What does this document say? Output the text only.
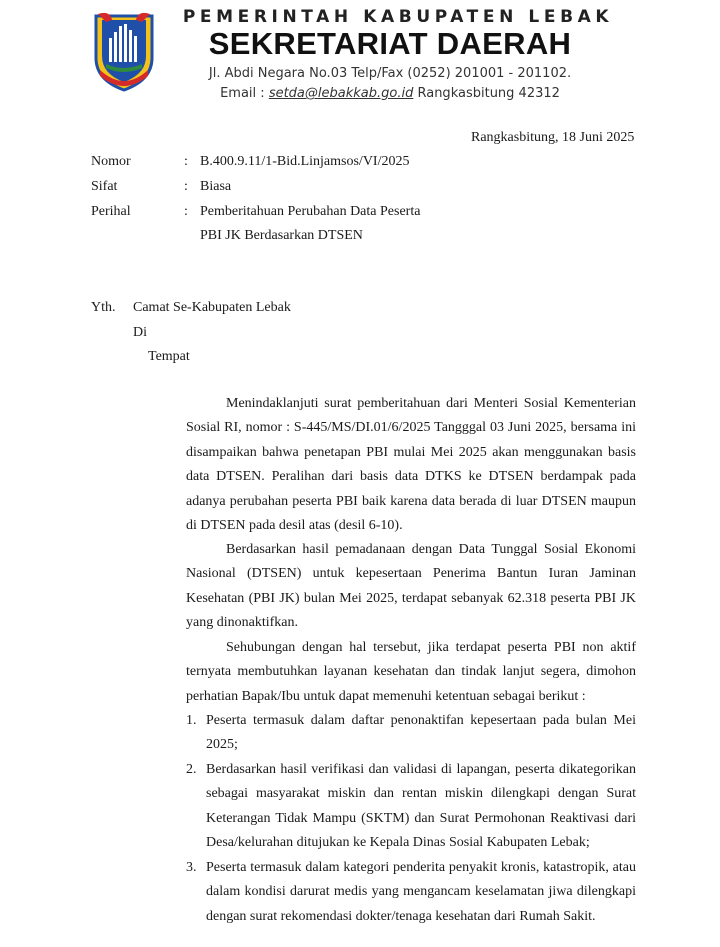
PEMERINTAH KABUPATEN LEBAK
SEKRETARIAT DAERAH
Jl. Abdi Negara No.03 Telp/Fax (0252) 201001 - 201102.
Email : setda@lebakkab.go.id Rangkasbitung 42312
Rangkasbitung, 18 Juni 2025
Nomor	: B.400.9.11/1-Bid.Linjamsos/VI/2025
Sifat	: Biasa
Perihal	: Pemberitahuan Perubahan Data Peserta
PBI JK Berdasarkan DTSEN
Yth. Camat Se-Kabupaten Lebak
Di
Tempat
Menindaklanjuti surat pemberitahuan dari Menteri Sosial Kementerian Sosial RI, nomor : S-445/MS/DI.01/6/2025 Tangggal 03 Juni 2025, bersama ini disampaikan bahwa penetapan PBI mulai Mei 2025 akan menggunakan basis data DTSEN. Peralihan dari basis data DTKS ke DTSEN berdampak pada adanya perubahan peserta PBI baik karena data berada di luar DTSEN maupun di DTSEN pada desil atas (desil 6-10).
Berdasarkan hasil pemadanaan dengan Data Tunggal Sosial Ekonomi Nasional (DTSEN) untuk kepesertaan Penerima Bantun Iuran Jaminan Kesehatan (PBI JK) bulan Mei 2025, terdapat sebanyak 62.318 peserta PBI JK yang dinonaktifkan.
Sehubungan dengan hal tersebut, jika terdapat peserta PBI non aktif ternyata membutuhkan layanan kesehatan dan tindak lanjut segera, dimohon perhatian Bapak/Ibu untuk dapat memenuhi ketentuan sebagai berikut :
1. Peserta termasuk dalam daftar penonaktifan kepesertaan pada bulan Mei 2025;
2. Berdasarkan hasil verifikasi dan validasi di lapangan, peserta dikategorikan sebagai masyarakat miskin dan rentan miskin dilengkapi dengan Surat Keterangan Tidak Mampu (SKTM) dan Surat Permohonan Reaktivasi dari Desa/kelurahan ditujukan ke Kepala Dinas Sosial Kabupaten Lebak;
3. Peserta termasuk dalam kategori penderita penyakit kronis, katastropik, atau dalam kondisi darurat medis yang mengancam keselamatan jiwa dilengkapi dengan surat rekomendasi dokter/tenaga kesehatan dari Rumah Sakit.
